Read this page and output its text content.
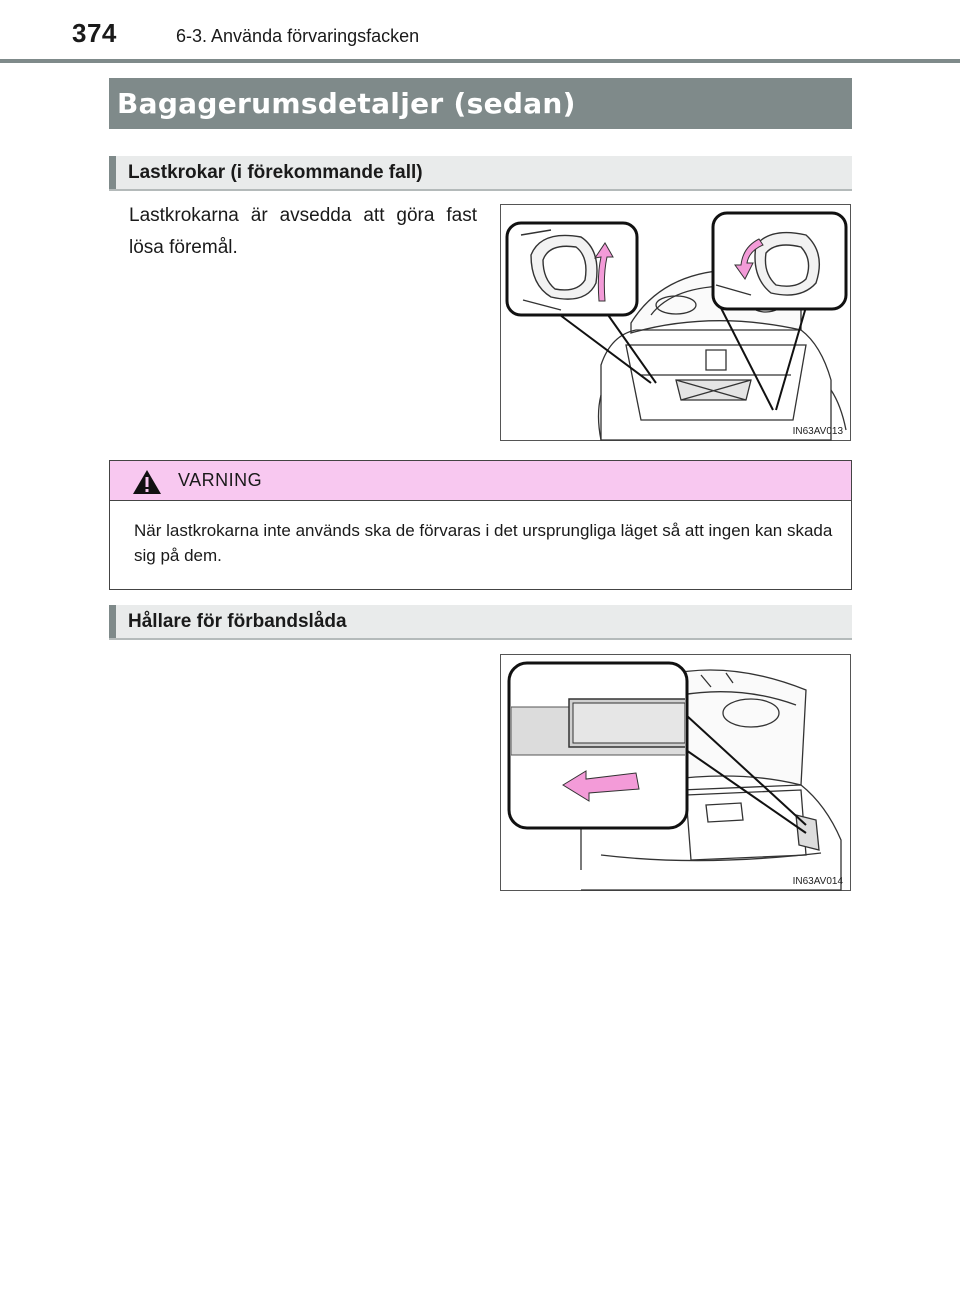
374	6-3. Använda förvaringsfacken
Bagagerumsdetaljer (sedan)
Lastkrokar (i förekommande fall)
Lastkrokarna är avsedda att göra fast lösa föremål.
IN63AV013
VARNING
När lastkrokarna inte används ska de förvaras i det ursprungliga läget så att ingen kan skada sig på dem.
Hållare för förbandslåda
IN63AV014
